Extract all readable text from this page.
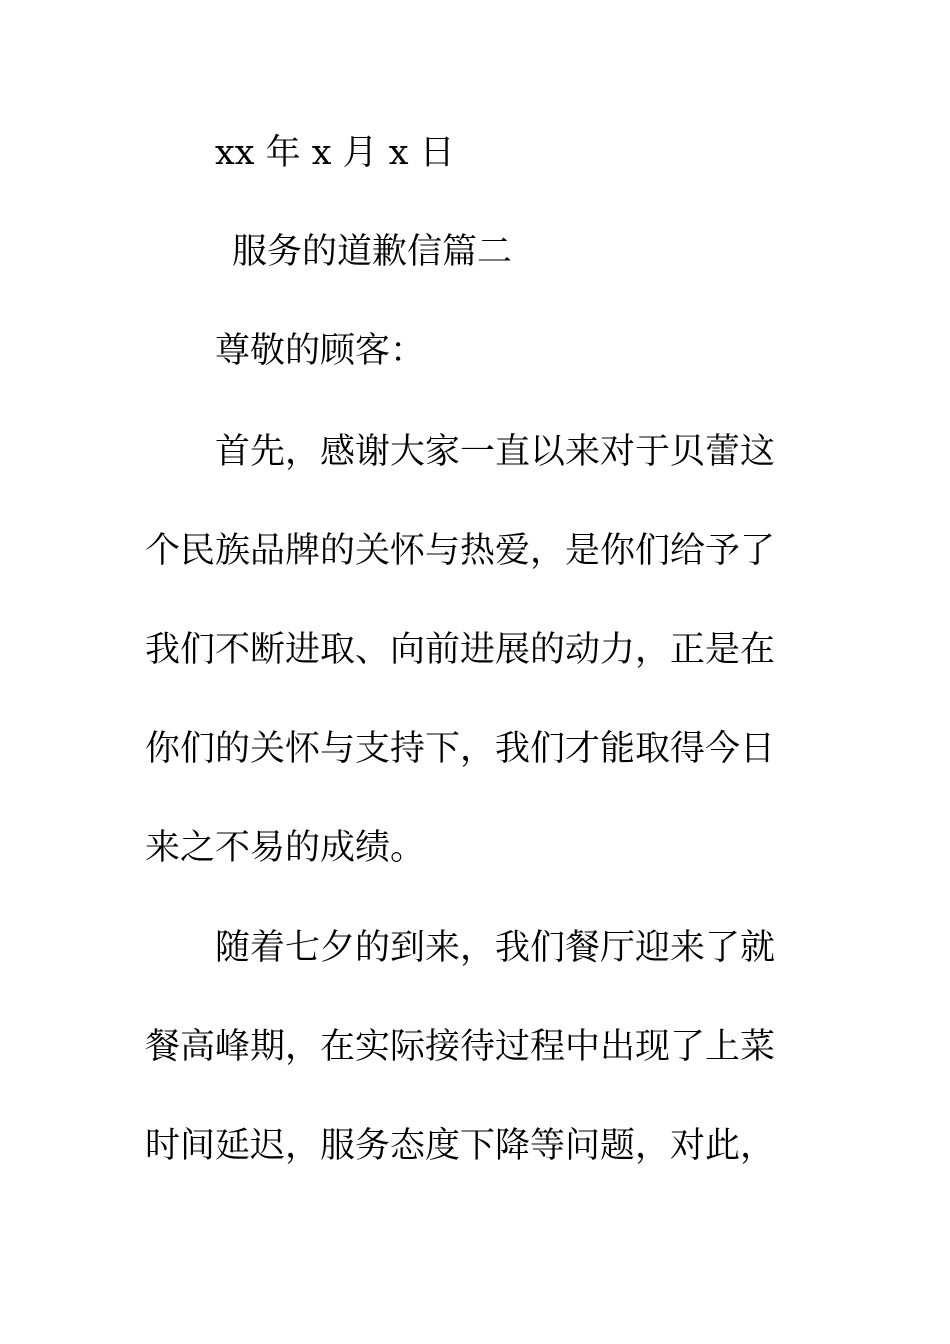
xx 年 x 月 x 日
服务的道歉信篇二
尊敬的顾客：
首先，感谢大家一直以来对于贝蕾这
个民族品牌的关怀与热爱，是你们给予了
我们不断进取、向前进展的动力，正是在
你们的关怀与支持下，我们才能取得今日
来之不易的成绩。
随着七夕的到来，我们餐厅迎来了就
餐高峰期，在实际接待过程中出现了上菜
时间延迟，服务态度下降等问题，对此，
